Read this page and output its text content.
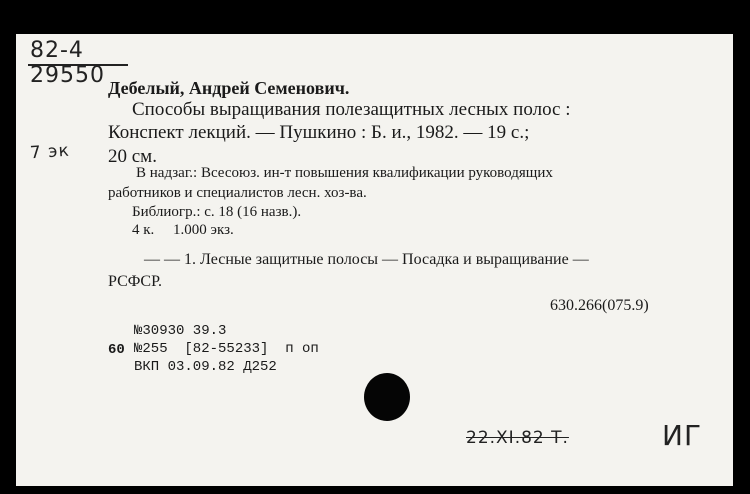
82-4
29550
7 эк
Дебелый, Андрей Семенович.
Способы выращивания полезащитных лесных полос :
Конспект лекций. — Пушкино : Б. и., 1982. — 19 с.;
20 см.
В надзаг.: Всесоюз. ин-т повышения квалификации руководящих
работников и специалистов лесн. хоз-ва.
Библиогр.: с. 18 (16 назв.).
4 к.     1.000 экз.
— — 1. Лесные защитные полосы — Посадка и выращивание —
РСФСР.
630.266(075.9)
№30930 39.3
60 №255  [82-55233]  п оп
ВКП 03.09.82 Д252
22.XI.82 Т.	ИГ
